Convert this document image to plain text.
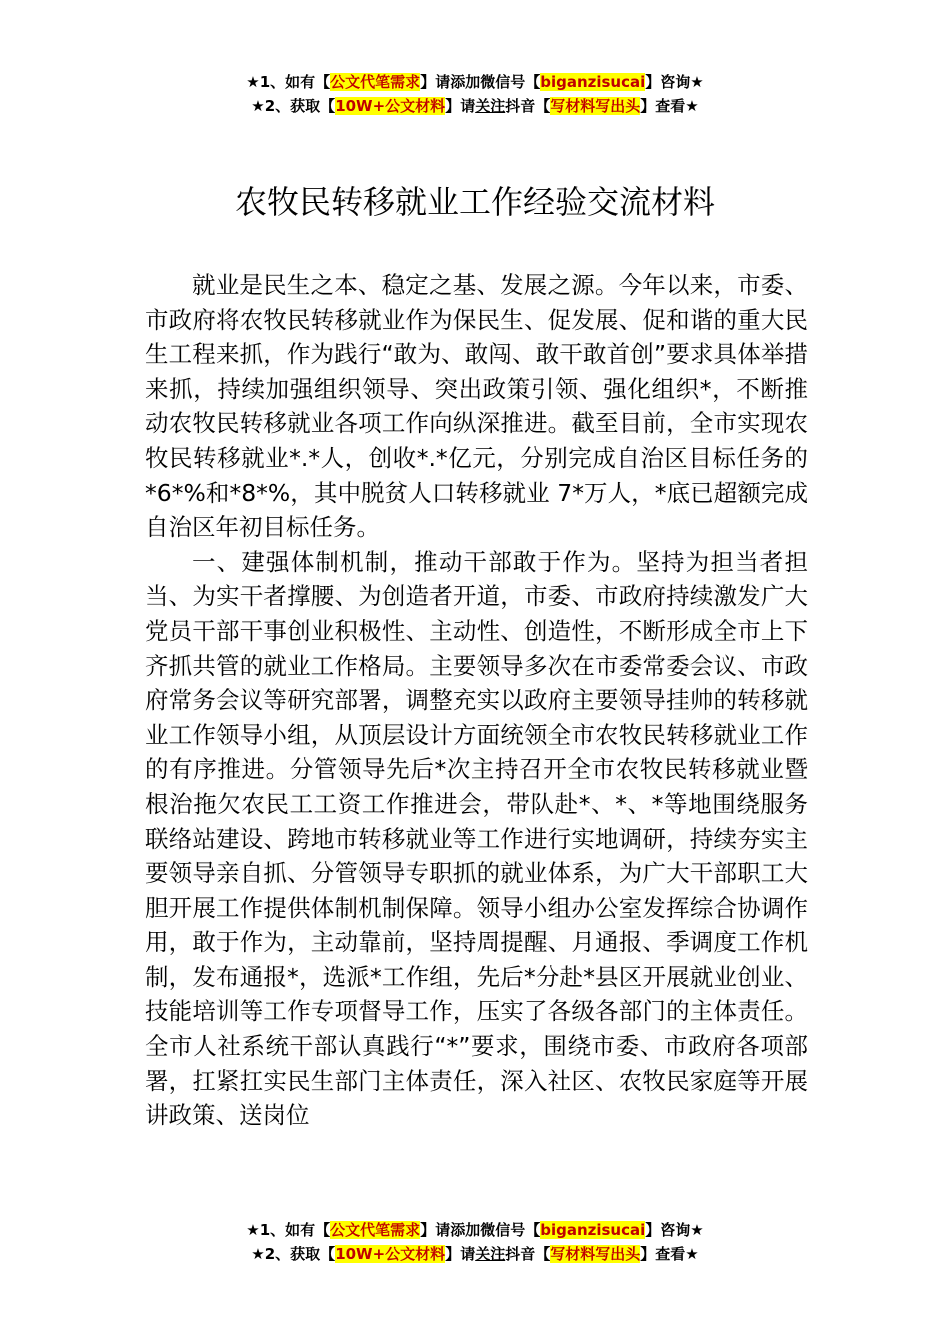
★1、如有【公文代笔需求】请添加微信号【biganzisucai】咨询★
★2、获取【10W+公文材料】请关注抖音【写材料写出头】查看★
农牧民转移就业工作经验交流材料

就业是民生之本、稳定之基、发展之源。今年以来，市委、市政府将农牧民转移就业作为保民生、促发展、促和谐的重大民生工程来抓，作为践行“敢为、敢闯、敢干敢首创”要求具体举措来抓，持续加强组织领导、突出政策引领、强化组织*，不断推动农牧民转移就业各项工作向纵深推进。截至目前，全市实现农牧民转移就业*.*人，创收*.*亿元，分别完成自治区目标任务的*6*%和*8*%，其中脱贫人口转移就业 7*万人，*底已超额完成自治区年初目标任务。

一、建强体制机制，推动干部敢于作为。坚持为担当者担当、为实干者撑腰、为创造者开道，市委、市政府持续激发广大党员干部干事创业积极性、主动性、创造性，不断形成全市上下齐抓共管的就业工作格局。主要领导多次在市委常委会议、市政府常务会议等研究部署，调整充实以政府主要领导挂帅的转移就业工作领导小组，从顶层设计方面统领全市农牧民转移就业工作的有序推进。分管领导先后*次主持召开全市农牧民转移就业暨根治拖欠农民工工资工作推进会，带队赴*、*、*等地围绕服务联络站建设、跨地市转移就业等工作进行实地调研，持续夯实主要领导亲自抓、分管领导专职抓的就业体系，为广大干部职工大胆开展工作提供体制机制保障。领导小组办公室发挥综合协调作用，敢于作为，主动靠前，坚持周提醒、月通报、季调度工作机制，发布通报*，选派*工作组，先后*分赴*县区开展就业创业、技能培训等工作专项督导工作，压实了各级各部门的主体责任。全市人社系统干部认真践行“*”要求，围绕市委、市政府各项部署，扛紧扛实民生部门主体责任，深入社区、农牧民家庭等开展讲政策、送岗位

★1、如有【公文代笔需求】请添加微信号【biganzisucai】咨询★
★2、获取【10W+公文材料】请关注抖音【写材料写出头】查看★
